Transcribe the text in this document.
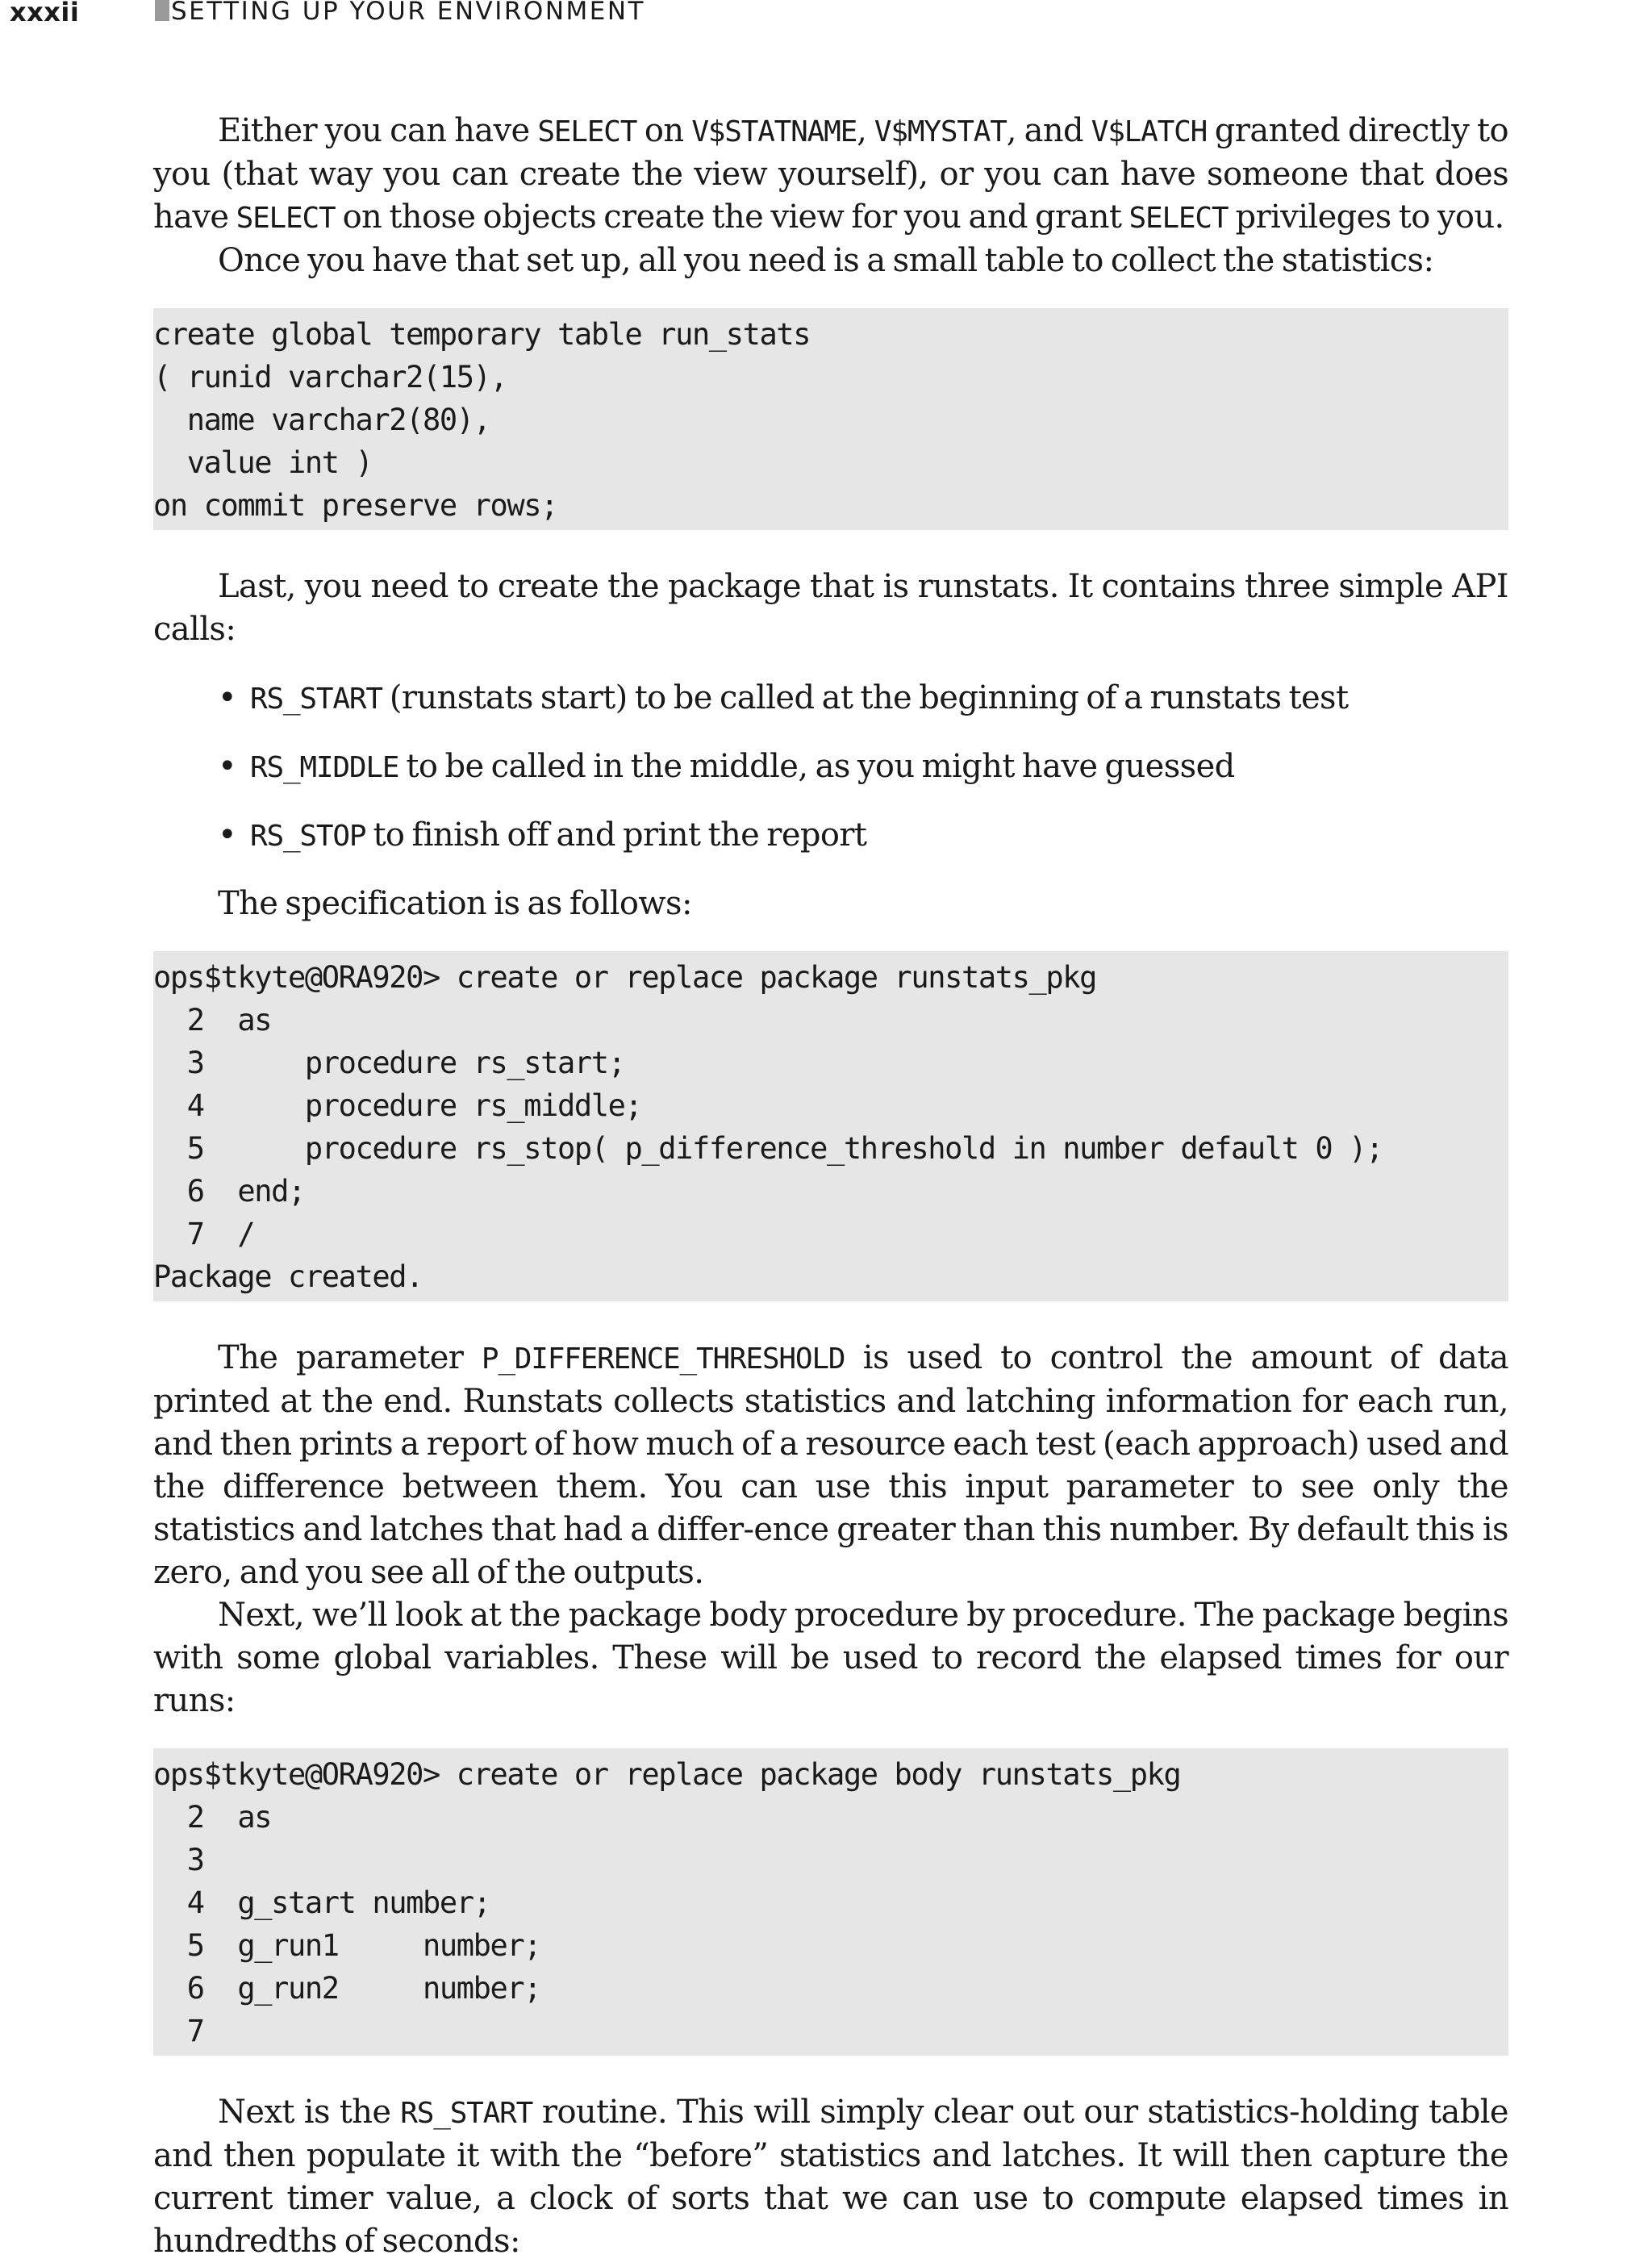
xxxii	SETTING UP YOUR ENVIRONMENT

Either you can have SELECT on V$STATNAME, V$MYSTAT, and V$LATCH granted directly to you (that way you can create the view yourself), or you can have someone that does have SELECT on those objects create the view for you and grant SELECT privileges to you.

Once you have that set up, all you need is a small table to collect the statistics:

create global temporary table run_stats
( runid varchar2(15),
name varchar2(80),
value int )
on commit preserve rows;

Last, you need to create the package that is runstats. It contains three simple API calls:

• RS_START (runstats start) to be called at the beginning of a runstats test
• RS_MIDDLE to be called in the middle, as you might have guessed
• RS_STOP to finish off and print the report

The specification is as follows:

ops$tkyte@ORA920> create or replace package runstats_pkg
2  as
3      procedure rs_start;
4      procedure rs_middle;
5      procedure rs_stop( p_difference_threshold in number default 0 );
6  end;
7  /
Package created.

The parameter P_DIFFERENCE_THRESHOLD is used to control the amount of data printed at the end. Runstats collects statistics and latching information for each run, and then prints a report of how much of a resource each test (each approach) used and the difference between them. You can use this input parameter to see only the statistics and latches that had a differ-ence greater than this number. By default this is zero, and you see all of the outputs.

Next, we’ll look at the package body procedure by procedure. The package begins with some global variables. These will be used to record the elapsed times for our runs:

ops$tkyte@ORA920> create or replace package body runstats_pkg
2  as
3
4  g_start number;
5  g_run1     number;
6  g_run2     number;
7

Next is the RS_START routine. This will simply clear out our statistics-holding table and then populate it with the “before” statistics and latches. It will then capture the current timer value, a clock of sorts that we can use to compute elapsed times in hundredths of seconds:
